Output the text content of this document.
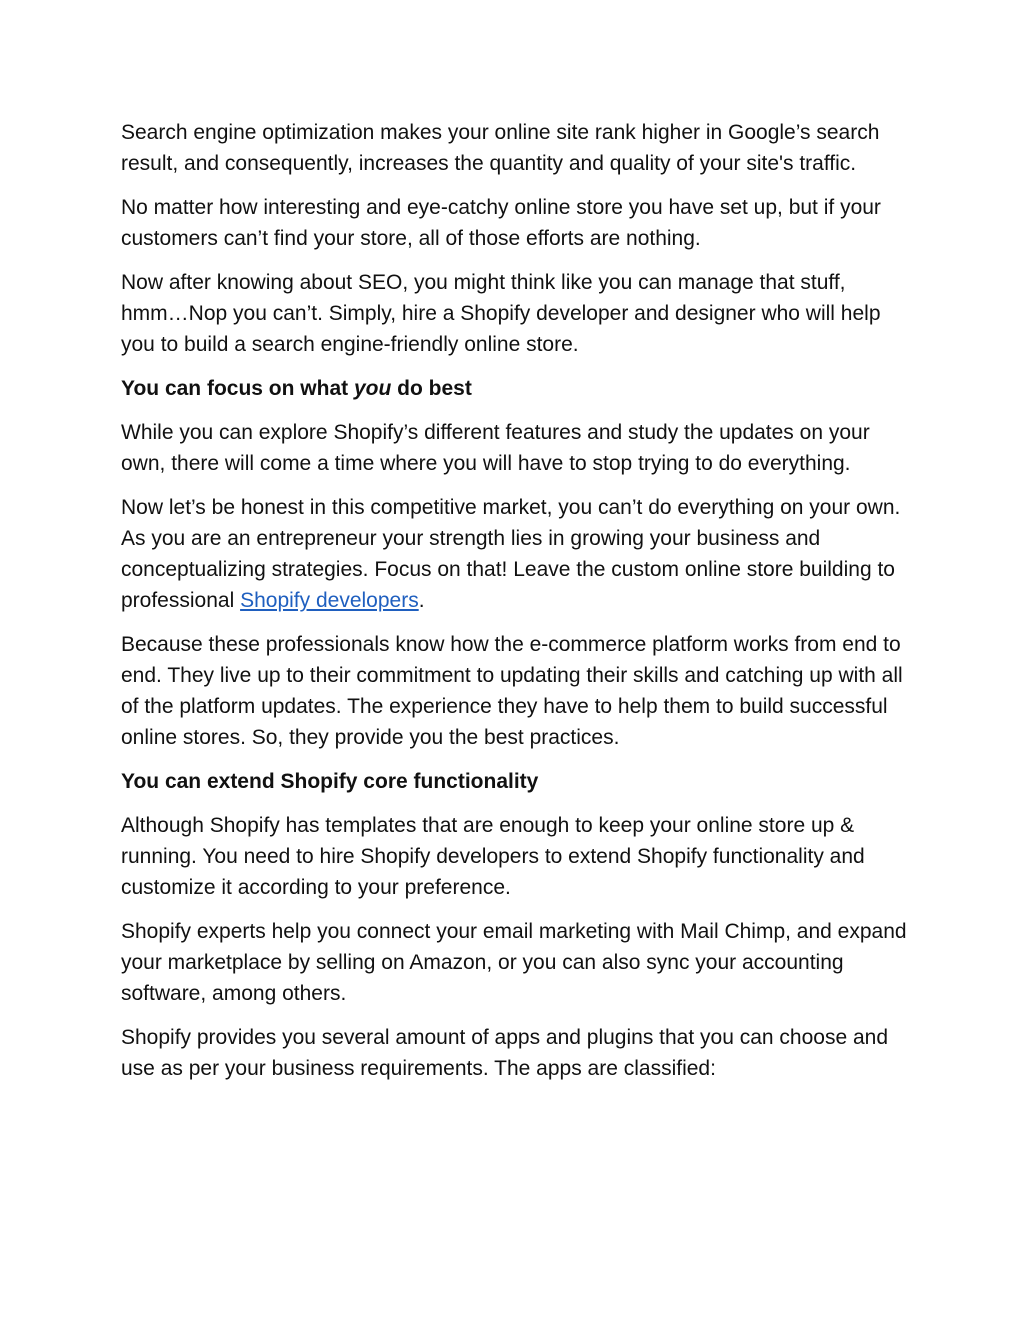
Search engine optimization makes your online site rank higher in Google’s search result, and consequently, increases the quantity and quality of your site's traffic.

No matter how interesting and eye-catchy online store you have set up, but if your customers can’t find your store, all of those efforts are nothing.

Now after knowing about SEO, you might think like you can manage that stuff, hmm…Nop you can’t. Simply, hire a Shopify developer and designer who will help you to build a search engine-friendly online store.

You can focus on what you do best

While you can explore Shopify’s different features and study the updates on your own, there will come a time where you will have to stop trying to do everything.

Now let’s be honest in this competitive market, you can’t do everything on your own. As you are an entrepreneur your strength lies in growing your business and conceptualizing strategies. Focus on that! Leave the custom online store building to professional Shopify developers.

Because these professionals know how the e-commerce platform works from end to end. They live up to their commitment to updating their skills and catching up with all of the platform updates. The experience they have to help them to build successful online stores. So, they provide you the best practices.

You can extend Shopify core functionality

Although Shopify has templates that are enough to keep your online store up & running. You need to hire Shopify developers to extend Shopify functionality and customize it according to your preference.

Shopify experts help you connect your email marketing with Mail Chimp, and expand your marketplace by selling on Amazon, or you can also sync your accounting software, among others.

Shopify provides you several amount of apps and plugins that you can choose and use as per your business requirements. The apps are classified:
